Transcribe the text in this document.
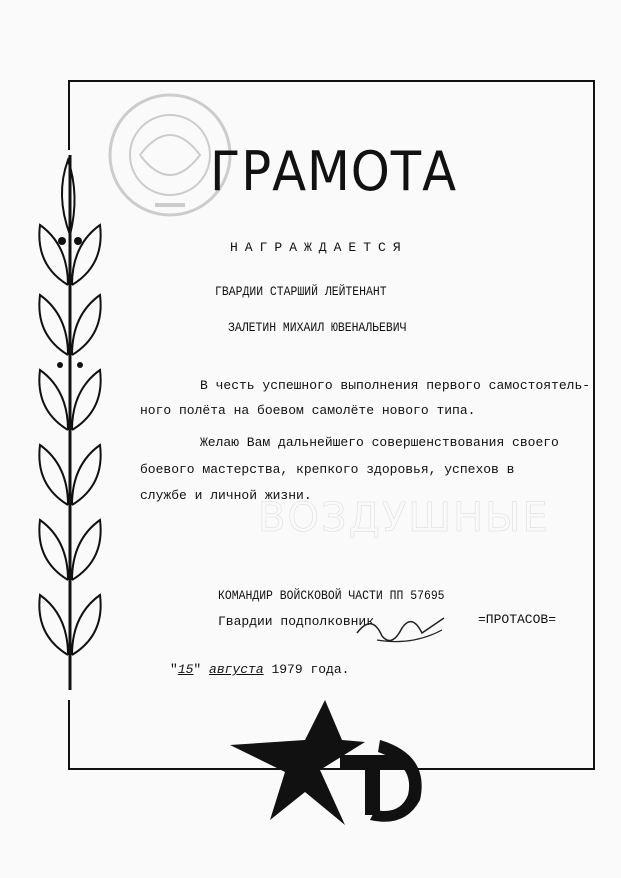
ГРАМОТА
НАГРАЖДАЕТСЯ
ГВАРДИИ СТАРШИЙ ЛЕЙТЕНАНТ
ЗАЛЕТИН МИХАИЛ ЮВЕНАЛЬЕВИЧ
В честь успешного выполнения первого самостоятель-
ного полёта на боевом самолёте нового типа.
Желаю Вам дальнейшего совершенствования своего
боевого мастерства, крепкого здоровья, успехов в
службе и личной жизни.
ВОЗДУШНЫЕ
КОМАНДИР ВОЙСКОВОЙ ЧАСТИ ПП 57695
Гвардии подполковник	=ПРОТАСОВ=
"15" августа 1979 года.
